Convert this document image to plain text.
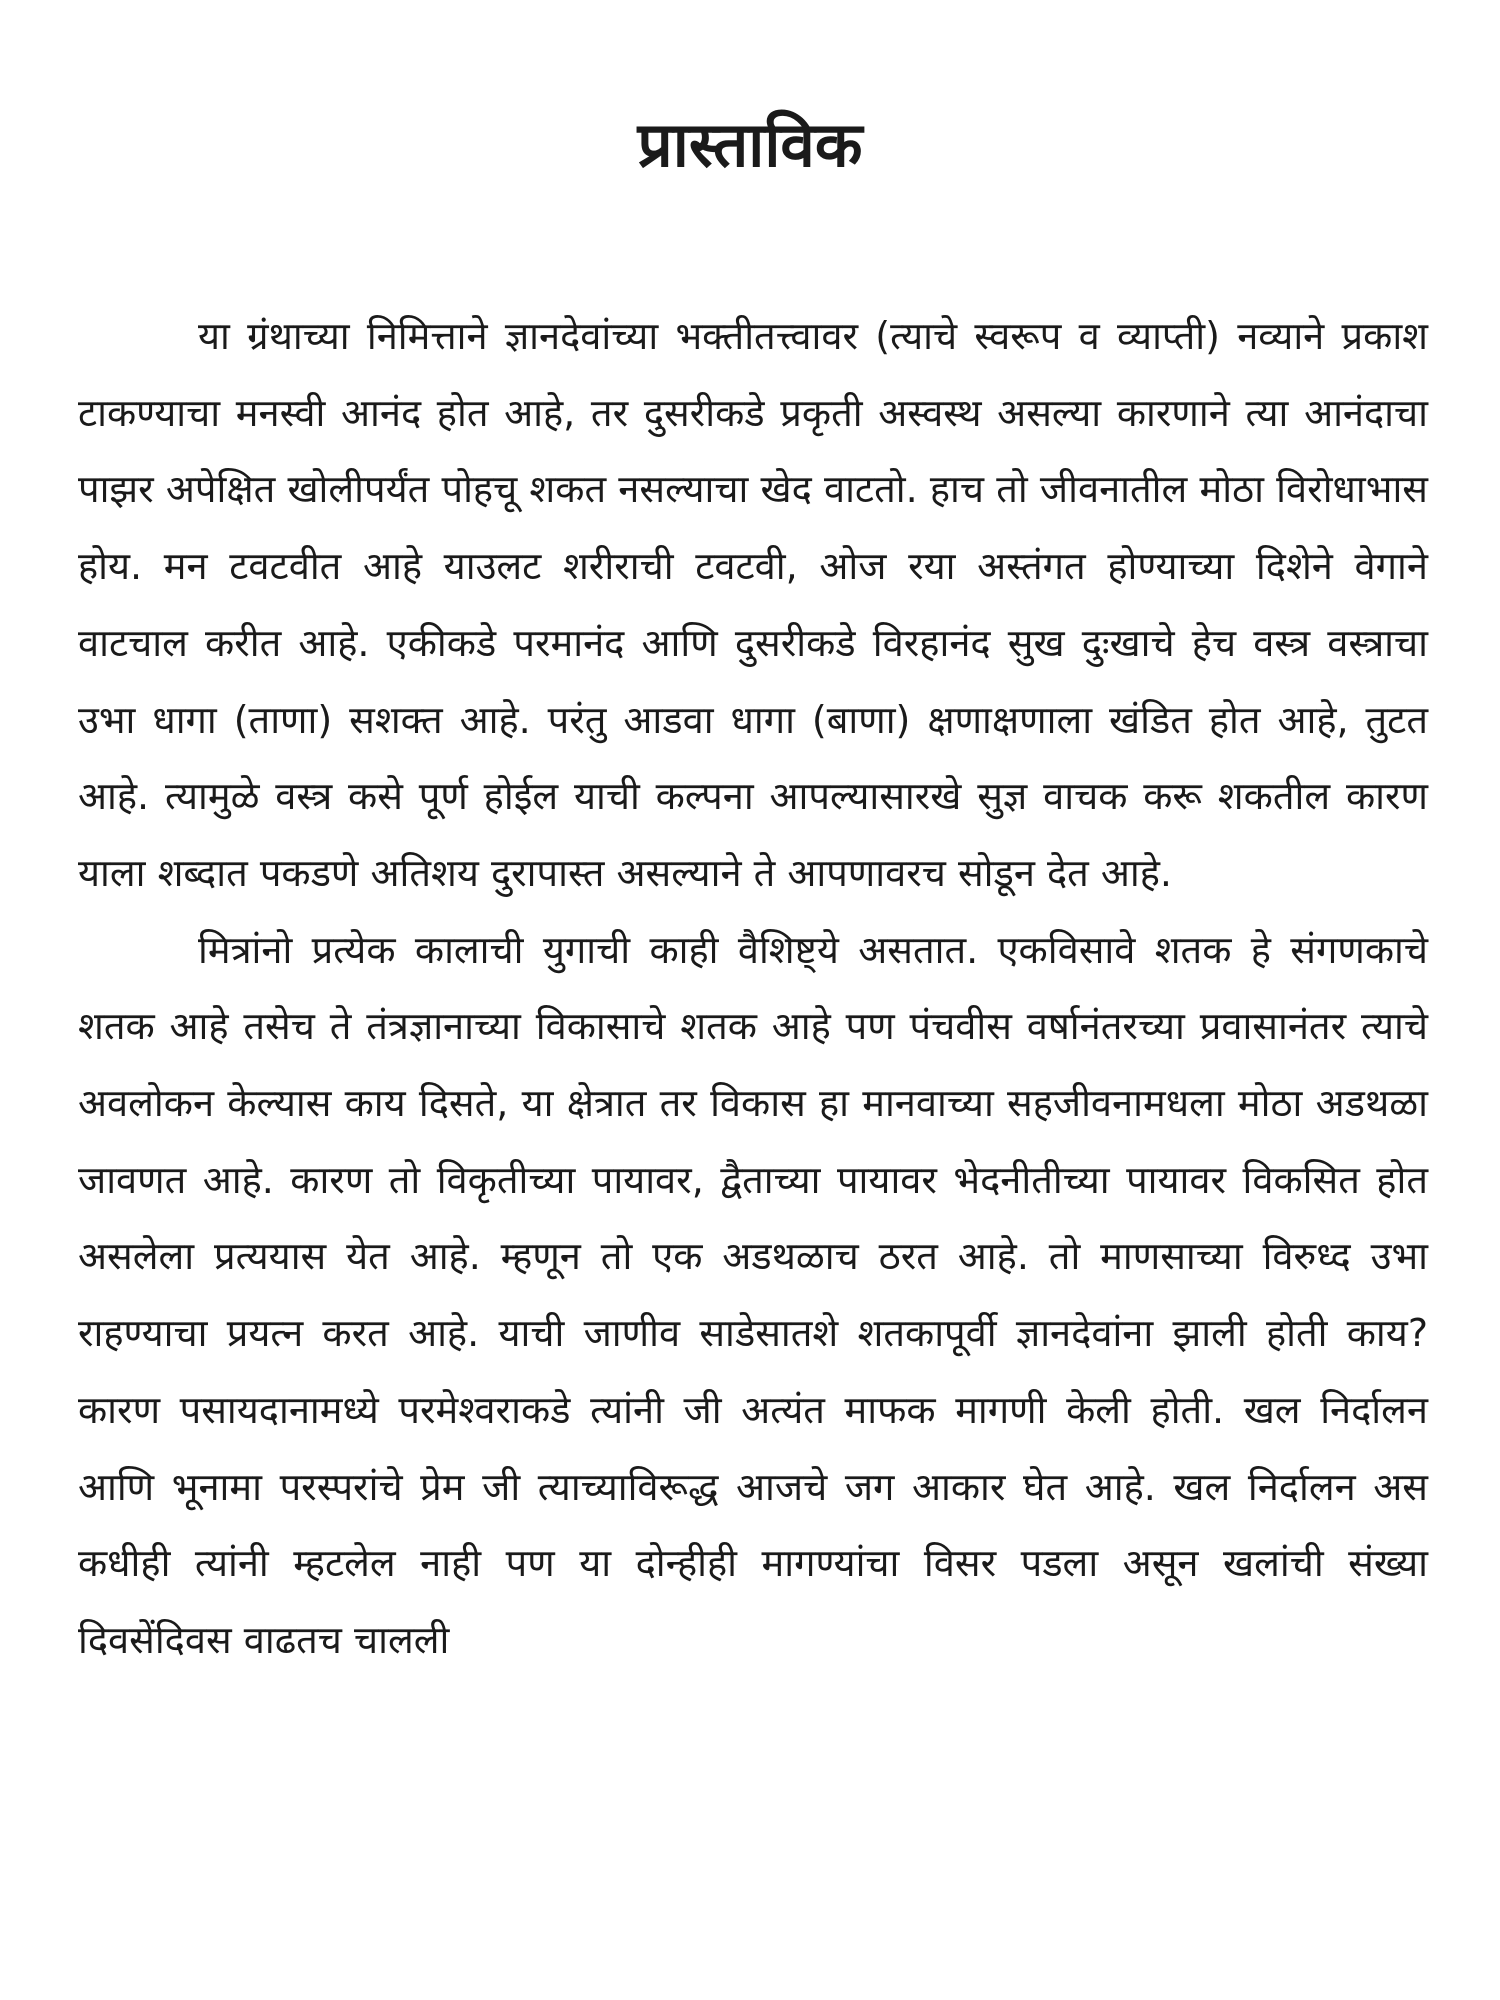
प्रास्ताविक

या ग्रंथाच्या निमित्ताने ज्ञानदेवांच्या भक्तीतत्त्वावर (त्याचे स्वरूप व व्याप्ती) नव्याने प्रकाश टाकण्याचा मनस्वी आनंद होत आहे, तर दुसरीकडे प्रकृती अस्वस्थ असल्या कारणाने त्या आनंदाचा पाझर अपेक्षित खोलीपर्यंत पोहचू शकत नसल्याचा खेद वाटतो. हाच तो जीवनातील मोठा विरोधाभास होय. मन टवटवीत आहे याउलट शरीराची टवटवी, ओज रया अस्तंगत होण्याच्या दिशेने वेगाने वाटचाल करीत आहे. एकीकडे परमानंद आणि दुसरीकडे विरहानंद सुख दुःखाचे हेच वस्त्र वस्त्राचा उभा धागा (ताणा) सशक्त आहे. परंतु आडवा धागा (बाणा) क्षणाक्षणाला खंडित होत आहे, तुटत आहे. त्यामुळे वस्त्र कसे पूर्ण होईल याची कल्पना आपल्यासारखे सुज्ञ वाचक करू शकतील कारण याला शब्दात पकडणे अतिशय दुरापास्त असल्याने ते आपणावरच सोडून देत आहे.

मित्रांनो प्रत्येक कालाची युगाची काही वैशिष्ट्ये असतात. एकविसावे शतक हे संगणकाचे शतक आहे तसेच ते तंत्रज्ञानाच्या विकासाचे शतक आहे पण पंचवीस वर्षानंतरच्या प्रवासानंतर त्याचे अवलोकन केल्यास काय दिसते, या क्षेत्रात तर विकास हा मानवाच्या सहजीवनामधला मोठा अडथळा जावणत आहे. कारण तो विकृतीच्या पायावर, द्वैताच्या पायावर भेदनीतीच्या पायावर विकसित होत असलेला प्रत्ययास येत आहे. म्हणून तो एक अडथळाच ठरत आहे. तो माणसाच्या विरुध्द उभा राहण्याचा प्रयत्न करत आहे. याची जाणीव साडेसातशे शतकापूर्वी ज्ञानदेवांना झाली होती काय? कारण पसायदानामध्ये परमेश्वराकडे त्यांनी जी अत्यंत माफक मागणी केली होती. खल निर्दालन आणि भूनामा परस्परांचे प्रेम जी त्याच्याविरूद्ध आजचे जग आकार घेत आहे. खल निर्दालन अस कधीही त्यांनी म्हटलेल नाही पण या दोन्हीही मागण्यांचा विसर पडला असून खलांची संख्या दिवसेंदिवस वाढतच चालली
